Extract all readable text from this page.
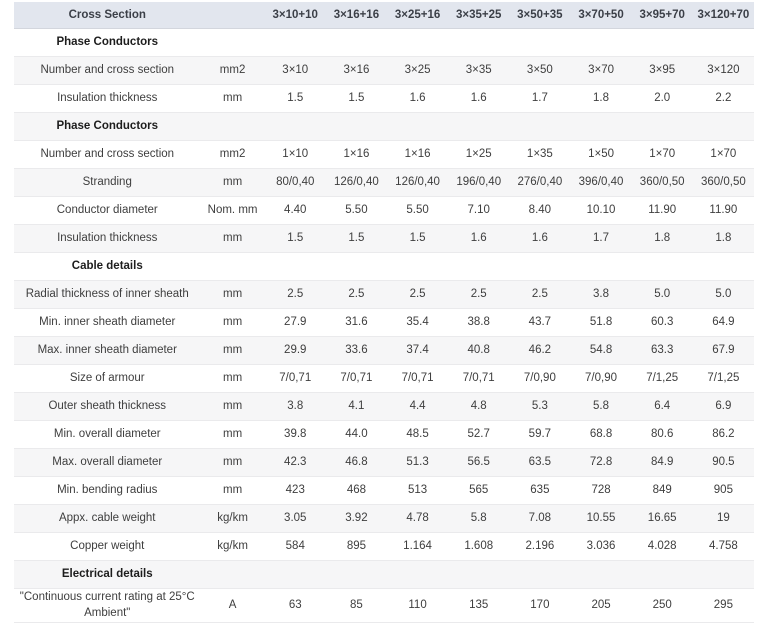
Cross Section		3×10+10	3×16+16	3×25+16	3×35+25	3×50+35	3×70+50	3×95+70	3×120+70
Phase Conductors									
Number and cross section	mm2	3×10	3×16	3×25	3×35	3×50	3×70	3×95	3×120
Insulation thickness	mm	1.5	1.5	1.6	1.6	1.7	1.8	2.0	2.2
Phase Conductors									
Number and cross section	mm2	1×10	1×16	1×16	1×25	1×35	1×50	1×70	1×70
Stranding	mm	80/0,40	126/0,40	126/0,40	196/0,40	276/0,40	396/0,40	360/0,50	360/0,50
Conductor diameter	Nom. mm	4.40	5.50	5.50	7.10	8.40	10.10	11.90	11.90
Insulation thickness	mm	1.5	1.5	1.5	1.6	1.6	1.7	1.8	1.8
Cable details									
Radial thickness of inner sheath	mm	2.5	2.5	2.5	2.5	2.5	3.8	5.0	5.0
Min. inner sheath diameter	mm	27.9	31.6	35.4	38.8	43.7	51.8	60.3	64.9
Max. inner sheath diameter	mm	29.9	33.6	37.4	40.8	46.2	54.8	63.3	67.9
Size of armour	mm	7/0,71	7/0,71	7/0,71	7/0,71	7/0,90	7/0,90	7/1,25	7/1,25
Outer sheath thickness	mm	3.8	4.1	4.4	4.8	5.3	5.8	6.4	6.9
Min. overall diameter	mm	39.8	44.0	48.5	52.7	59.7	68.8	80.6	86.2
Max. overall diameter	mm	42.3	46.8	51.3	56.5	63.5	72.8	84.9	90.5
Min. bending radius	mm	423	468	513	565	635	728	849	905
Appx. cable weight	kg/km	3.05	3.92	4.78	5.8	7.08	10.55	16.65	19
Copper weight	kg/km	584	895	1.164	1.608	2.196	3.036	4.028	4.758
Electrical details									
"Continuous current rating at 25°C Ambient"	A	63	85	110	135	170	205	250	295
